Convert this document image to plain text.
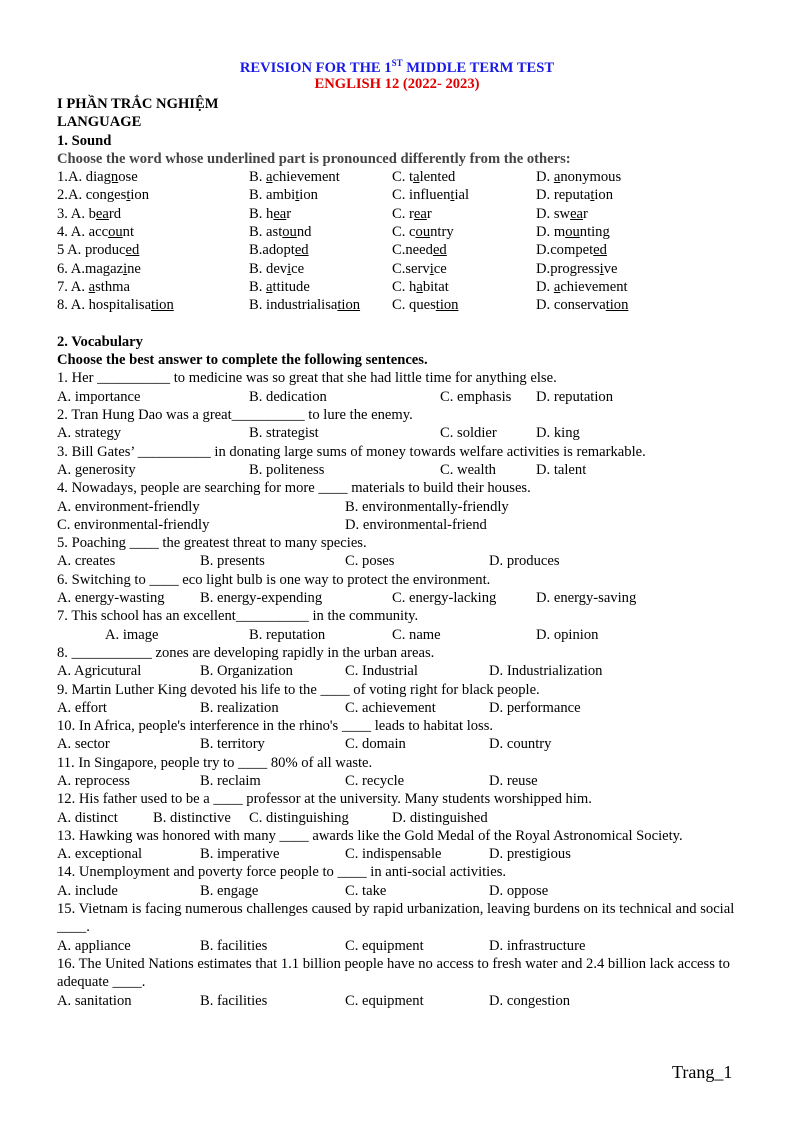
REVISION FOR THE 1ST MIDDLE TERM TEST
ENGLISH 12 (2022- 2023)
I PHẦN TRẮC NGHIỆM
LANGUAGE
1. Sound
Choose the word whose underlined part is pronounced differently from the others:
1.A. diagnose	B. achievement	C. talented	D. anonymous
2.A. congestion	B. ambition	C. influential	D. reputation
3. A. beard	B. hear	C. rear	D. swear
4. A. account	B. astound	C. country	D. mounting
5 A. produced	B.adopted	C.needed	D.competed
6. A.magazine	B. device	C.service	D.progressive
7. A. asthma	B. attitude	C. habitat	D. achievement
8. A. hospitalisation	B. industrialisation C. question	D. conservation
2. Vocabulary
Choose the best answer to complete the following sentences.
1. Her __________ to medicine was so great that she had little time for anything else.
A. importance	B. dedication	C. emphasis D. reputation
2. Tran Hung Dao was a great__________ to lure the enemy.
A. strategy	B. strategist	C. soldier	D. king
3. Bill Gates’ __________ in donating large sums of money towards welfare activities is remarkable.
A. generosity	B. politeness	C. wealth	D. talent
4. Nowadays, people are searching for more ____ materials to build their houses.
A. environment-friendly	B. environmentally-friendly
C. environmental-friendly	D. environmental-friend
5. Poaching ____ the greatest threat to many species.
A. creates	B. presents	C. poses	D. produces
6. Switching to ____ eco light bulb is one way to protect the environment.
A. energy-wasting B. energy-expending	C. energy-lacking	D. energy-saving
7. This school has an excellent__________ in the community.
A. image	B. reputation	C. name	D. opinion
8. ___________ zones are developing rapidly in the urban areas.
A. Agricutural	B. Organization	C. Industrial	D. Industrialization
9. Martin Luther King devoted his life to the ____ of voting right for black people.
A. effort	B. realization	C. achievement	D. performance
10. In Africa, people's interference in the rhino's ____ leads to habitat loss.
A. sector	B. territory	C. domain	D. country
11. In Singapore, people try to ____ 80% of all waste.
A. reprocess	B. reclaim	C. recycle	D. reuse
12. His father used to be a ____ professor at the university. Many students worshipped him.
A. distinct B. distinctive C. distinguishing	D. distinguished
13. Hawking was honored with many ____ awards like the Gold Medal of the Royal Astronomical Society.
A. exceptional	B. imperative	C. indispensable	D. prestigious
14. Unemployment and poverty force people to ____ in anti-social activities.
A. include	B. engage	C. take	D. oppose
15. Vietnam is facing numerous challenges caused by rapid urbanization, leaving burdens on its technical and social ____.
A. appliance	B. facilities	C. equipment	D. infrastructure
16. The United Nations estimates that 1.1 billion people have no access to fresh water and 2.4 billion lack access to adequate ____.
A. sanitation	B. facilities	C. equipment	D. congestion
Trang_1
